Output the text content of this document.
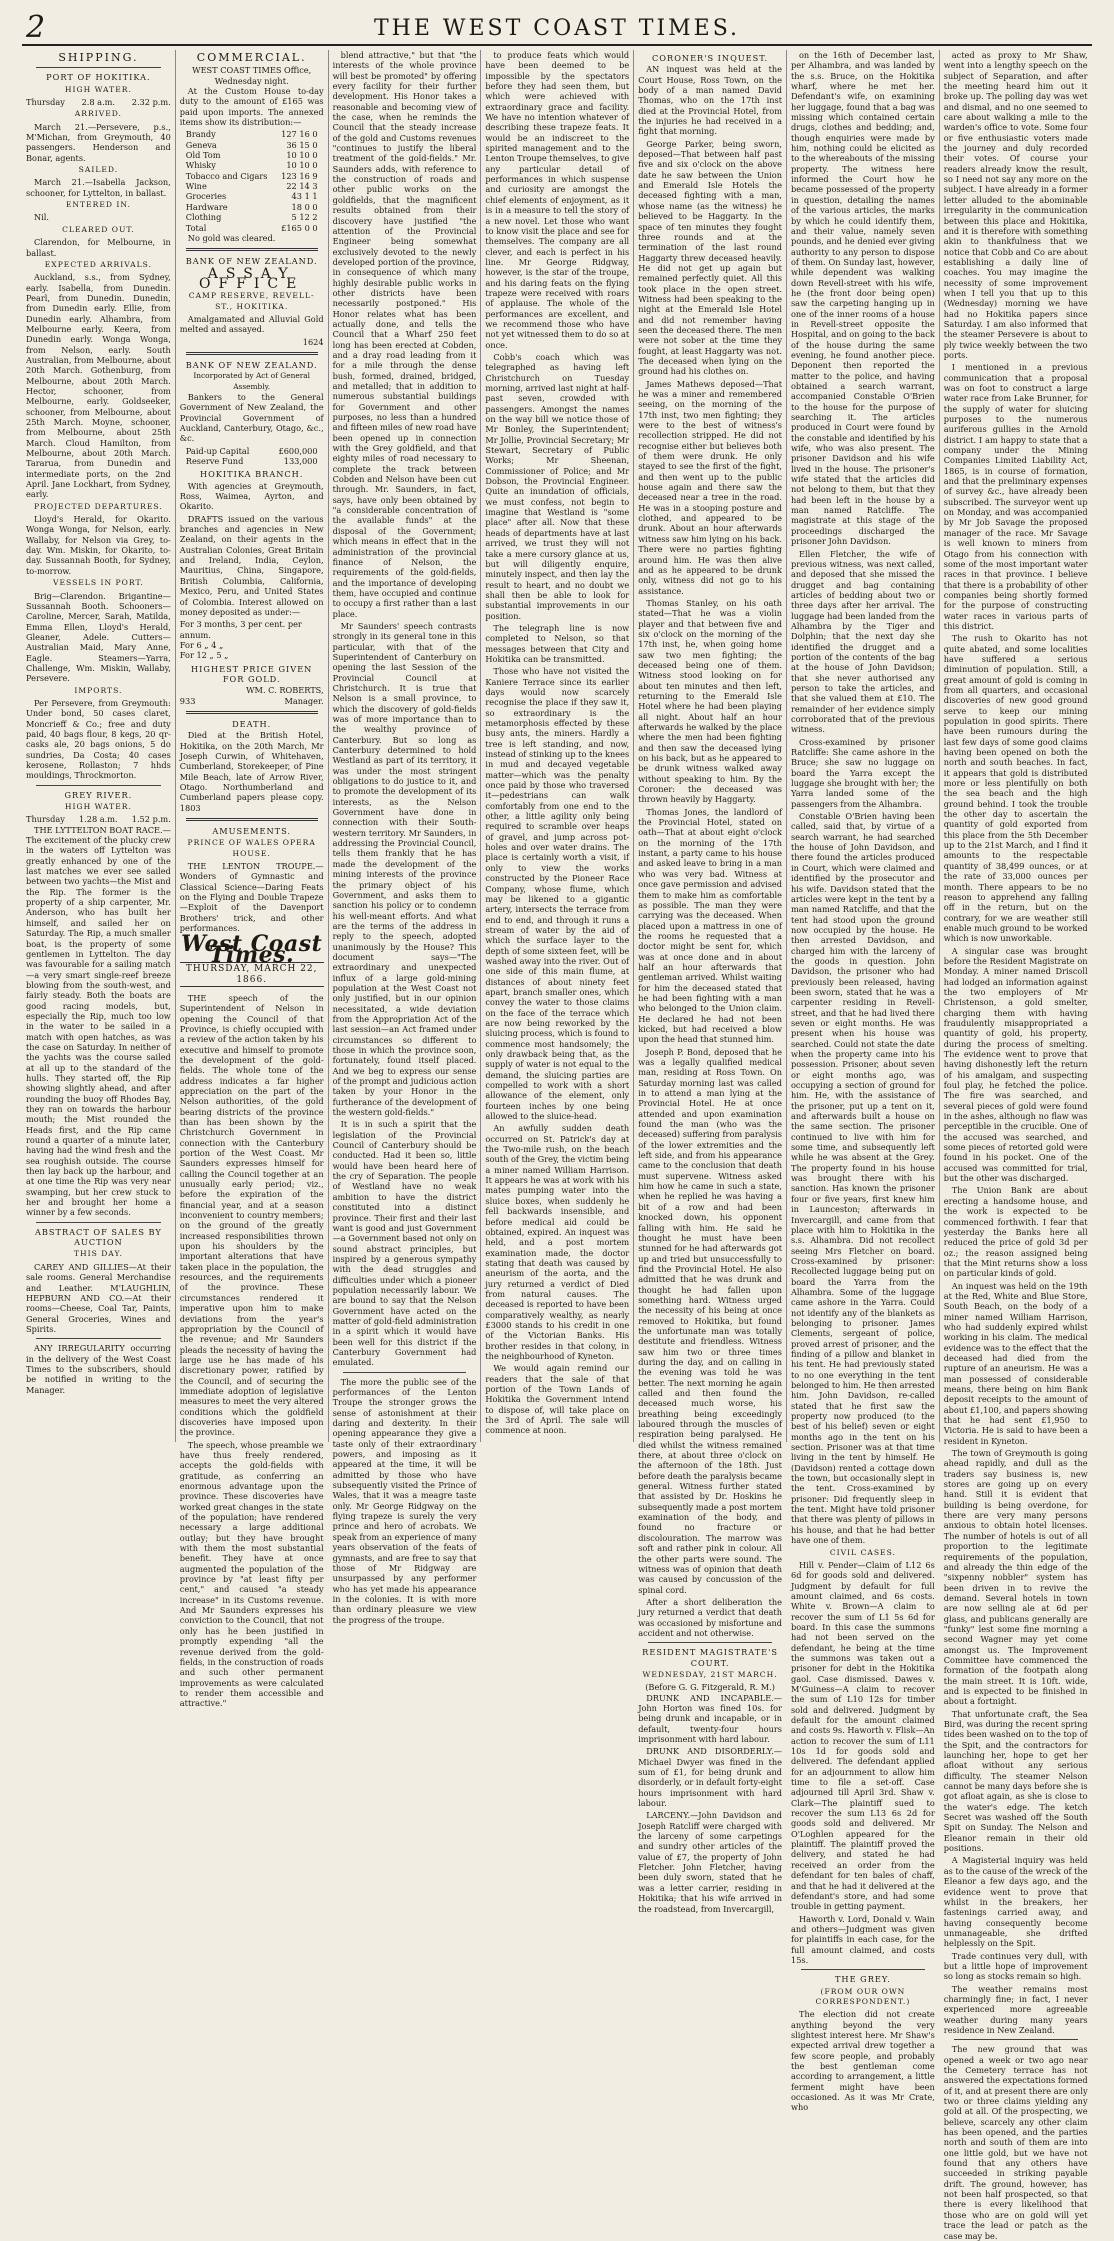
2	THE WEST COAST TIMES.
SHIPPING.
PORT OF HOKITIKA.
HIGH WATER.
Thursday 2.8 a.m. 2.32 p.m.
ARRIVED.

March 21.—Persevere, p.s., M'Michan, from Greymouth, 40 passengers. Henderson and Bonar, agents.

SAILED.

March 21.—Isabella Jackson, schooner, for Lyttelton, in ballast.

ENTERED IN.

Nil.

CLEARED OUT.

Clarendon, for Melbourne, in ballast.

EXPECTED ARRIVALS.

Auckland, s.s., from Sydney, early. Isabella, from Dunedin. Pearl, from Dunedin. Dunedin, from Dunedin early. Ellie, from Dunedin early. Alhambra, from Melbourne early. Keera, from Dunedin early. Wonga Wonga, from Nelson, early. South Australian, from Melbourne, about 20th March. Gothenburg, from Melbourne, about 20th March. Hector, schooner, from Melbourne, early. Goldseeker, schooner, from Melbourne, about 25th March. Moyne, schooner, from Melbourne, about 25th March. Cloud Hamilton, from Melbourne, about 20th March. Tararua, from Dunedin and intermediate ports, on the 2nd April. Jane Lockhart, from Sydney, early.

PROJECTED DEPARTURES.

Lloyd's Herald, for Okarito. Wonga Wonga, for Nelson, early. Wallaby, for Nelson via Grey, to-day. Wm. Miskin, for Okarito, to-day. Sussannah Booth, for Sydney, to-morrow.

VESSELS IN PORT.

Brig—Clarendon. Brigantine—Sussannah Booth. Schooners—Caroline, Mercer, Sarah, Matilda, Emma Ellen, Lloyd's Herald, Gleaner, Adele. Cutters—Australian Maid, Mary Anne, Eagle. Steamers—Yarra, Challenge, Wm. Miskin, Wallaby, Persevere.

IMPORTS.

Per Persevere, from Greymouth: Under bond, 50 cases claret, Moncrieff & Co.; free and duty paid, 40 bags flour, 8 kegs, 20 qr-casks ale, 20 bags onions, 5 do sundries, Da Costa; 40 cases kerosene, Rollaston; 7 hhds mouldings, Throckmorton.

GREY RIVER.
HIGH WATER.
Thursday 1.28 a.m. 1.52 p.m.

THE LYTTELTON BOAT RACE.—The excitement of the plucky crew in the waters off Lyttelton was greatly enhanced by one of the last matches we ever see sailed between two yachts—the Mist and the Rip. The former is the property of a ship carpenter, Mr. Anderson, who has built her himself, and sailed her on Saturday. The Rip, a much smaller boat, is the property of some gentlemen in Lyttelton. The day was favourable for a sailing match—a very smart single-reef breeze blowing from the south-west, and fairly steady. Both the boats are good racing models, but, especially the Rip, much too low in the water to be sailed in a match with open hatches, as was the case on Saturday. In neither of the yachts was the course sailed at all up to the standard of the hulls. They started off, the Rip showing slightly ahead, and after rounding the buoy off Rhodes Bay, they ran on towards the harbour mouth; the Mist rounded the Heads first, and the Rip came round a quarter of a minute later, having had the wind fresh and the sea roughish outside. The course then lay back up the harbour, and at one time the Rip was very near swamping, but her crew stuck to her and brought her home a winner by a few seconds.

ABSTRACT OF SALES BY AUCTION
THIS DAY.

CAREY AND GILLIES—At their sale rooms. General Merchandise and Leather. M'LAUGHLIN, HEPBURN AND CO.—At their rooms—Cheese, Coal Tar, Paints, General Groceries, Wines and Spirits.

ANY IRREGULARITY occurring in the delivery of the West Coast Times to the subscribers, should be notified in writing to the Manager.

COMMERCIAL.
WEST COAST TIMES Office,
Wednesday night.

At the Custom House to-day duty to the amount of £165 was paid upon imports. The annexed items show its distribution:—

Brandy	127 16 0
Geneva	36 15 0
Old Tom	10 10 0
Whisky	10 10 0
Tobacco and Cigars 123 16 9
Wine	22 14 3
Groceries	43 1 1
Hardware	18 0 0
Clothing	5 12 2
Total	£165 0 0

No gold was cleared.

BANK OF NEW ZEALAND.
ASSAY OFFICE
CAMP RESERVE, REVELL-ST., HOKITIKA.

Amalgamated and Alluvial Gold melted and assayed.

1624
BANK OF NEW ZEALAND.
Incorporated by Act of General Assembly.

Bankers to the General Government of New Zealand, the Provincial Government of Auckland, Canterbury, Otago, &c., &c.

Paid-up Capital	£600,000
Reserve Fund	133,000
HOKITIKA BRANCH.

With agencies at Greymouth, Ross, Waimea, Ayrton, and Okarito.

DRAFTS issued on the various branches and agencies in New Zealand, on their agents in the Australian Colonies, Great Britain and Ireland, India, Ceylon, Mauritius, China, Singapore, British Columbia, California, Mexico, Peru, and United States of Colombia. Interest allowed on money deposited as under:—

For 3 months, 3 per cent. per annum.
For 6 „ 4 „
For 12 „ 5 „
HIGHEST PRICE GIVEN FOR GOLD.
WM. C. ROBERTS,
933	Manager.
DEATH.

Died at the British Hotel, Hokitika, on the 20th March, Mr Joseph Curwin, of Whitehaven, Cumberland, Storekeeper, of Pine Mile Beach, late of Arrow River, Otago. Northumberland and Cumberland papers please copy. 1803

AMUSEMENTS.
PRINCE OF WALES OPERA HOUSE.

THE LENTON TROUPE.—Wonders of Gymnastic and Classical Science—Daring Feats on the Flying and Double Trapeze—Exploit of the Davenport Brothers' trick, and other performances.

West Coast Times.
THURSDAY, MARCH 22, 1866.

THE speech of the Superintendent of Nelson in opening the Council of that Province, is chiefly occupied with a review of the action taken by his executive and himself to promote the development of the gold-fields. The whole tone of the address indicates a far higher appreciation on the part of the Nelson authorities, of the gold bearing districts of the province than has been shown by the Christchurch Government in connection with the Canterbury portion of the West Coast. Mr Saunders expresses himself for calling the Council together at an unusually early period; viz., before the expiration of the financial year, and at a season inconvenient to country members; on the ground of the greatly increased responsibilities thrown upon his shoulders by the important alterations that have taken place in the population, the resources, and the requirements of the province. These circumstances rendered it imperative upon him to make deviations from the year's appropriation by the Council of the revenue; and Mr Saunders pleads the necessity of having the large use he has made of his discretionary power, ratified by the Council, and of securing the immediate adoption of legislative measures to meet the very altered conditions which the goldfield discoveries have imposed upon the province.

The speech, whose preamble we have thus freely rendered, accepts the gold-fields with gratitude, as conferring an enormous advantage upon the province. These discoveries have worked great changes in the state of the population; have rendered necessary a large additional outlay; but they have brought with them the most substantial benefit. They have at once augmented the population of the province by "at least fifty per cent," and caused "a steady increase" in its Customs revenue. And Mr Saunders expresses his conviction to the Council, that not only has he been justified in promptly expending "all the revenue derived from the gold-fields, in the construction of roads and such other permanent improvements as were calculated to render them accessible and attractive."

blend attractive," but that "the interests of the whole province will best be promoted" by offering every facility for their further development. His Honor takes a reasonable and becoming view of the case, when he reminds the Council that the steady increase of the gold and Customs revenues "continues to justify the liberal treatment of the gold-fields." Mr. Saunders adds, with reference to the construction of roads and other public works on the goldfields, that the magnificent results obtained from their discovery have justified "the attention of the Provincial Engineer being somewhat exclusively devoted to the newly developed portion of the province, in consequence of which many highly desirable public works in other districts have been necessarily postponed." His Honor relates what has been actually done, and tells the Council that a Wharf 250 feet long has been erected at Cobden, and a dray road leading from it for a mile through the dense bush, formed, drained, bridged, and metalled; that in addition to numerous substantial buildings for Government and other purposes, no less than a hundred and fifteen miles of new road have been opened up in connection with the Grey goldfield, and that eighty miles of road necessary to complete the track between Cobden and Nelson have been cut through. Mr. Saunders, in fact, says, have only been obtained by "a considerable concentration of the available funds" at the disposal of the Government; which means in effect that in the administration of the provincial finance of Nelson, the requirements of the gold-fields, and the importance of developing them, have occupied and continue to occupy a first rather than a last place.

Mr Saunders' speech contrasts strongly in its general tone in this particular, with that of the Superintendent of Canterbury on opening the last Session of the Provincial Council at Christchurch. It is true that Nelson is a small province, to which the discovery of gold-fields was of more importance than to the wealthy province of Canterbury. But so long as Canterbury determined to hold Westland as part of its territory, it was under the most stringent obligations to do justice to it, and to promote the development of its interests, as the Nelson Government have done in connection with their South-western territory. Mr Saunders, in addressing the Provincial Council, tells them frankly that he has made the development of the mining interests of the province the primary object of his Government, and asks them to sanction his policy or to condemn his well-meant efforts. And what are the terms of the address in reply to the speech, adopted unanimously by the House? This document says—"The extraordinary and unexpected influx of a large gold-mining population at the West Coast not only justified, but in our opinion necessitated, a wide deviation from the Appropriation Act of the last session—an Act framed under circumstances so different to those in which the province soon, fortunately, found itself placed. And we beg to express our sense of the prompt and judicious action taken by your Honor in the furtherance of the development of the western gold-fields."

It is in such a spirit that the legislation of the Provincial Council of Canterbury should be conducted. Had it been so, little would have been heard here of the cry of Separation. The people of Westland have no weak ambition to have the district constituted into a distinct province. Their first and their last want is good and just Government—a Government based not only on sound abstract principles, but inspired by a generous sympathy with the dead struggles and difficulties under which a pioneer population necessarily labour. We are bound to say that the Nelson Government have acted on the matter of gold-field administration in a spirit which it would have been well for this district if the Canterbury Government had emulated.

The more the public see of the performances of the Lenton Troupe the stronger grows the sense of astonishment at their daring and dexterity. In their opening appearance they give a taste only of their extraordinary powers, and imposing as it appeared at the time, it will be admitted by those who have subsequently visited the Prince of Wales, that it was a meagre taste only. Mr George Ridgway on the flying trapeze is surely the very prince and hero of acrobats. We speak from an experience of many years observation of the feats of gymnasts, and are free to say that those of Mr Ridgway are unsurpassed by any performer who has yet made his appearance in the colonies. It is with more than ordinary pleasure we view the progress of the troupe.

to produce feats which would have been deemed to be impossible by the spectators before they had seen them, but which were achieved with extraordinary grace and facility. We have no intention whatever of describing these trapeze feats. It would be an indiscreet to the spirited management and to the Lenton Troupe themselves, to give any particular detail of performances in which suspense and curiosity are amongst the chief elements of enjoyment, as it is in a measure to tell the story of a new novel. Let those who want to know visit the place and see for themselves. The company are all clever, and each is perfect in his line. Mr George Ridgway, however, is the star of the troupe, and his daring feats on the flying trapeze were received with roars of applause. The whole of the performances are excellent, and we recommend those who have not yet witnessed them to do so at once.

Cobb's coach which was telegraphed as having left Christchurch on Tuesday morning, arrived last night at half-past seven, crowded with passengers. Amongst the names on the way bill we notice those of Mr Bonley, the Superintendent; Mr Jollie, Provincial Secretary; Mr Stewart, Secretary of Public Works; Mr Sheenan, Commissioner of Police; and Mr Dobson, the Provincial Engineer. Quite an inundation of officials, we must confess, not begin to imagine that Westland is "some place" after all. Now that these heads of departments have at last arrived, we trust they will not take a mere cursory glance at us, but will diligently enquire, minutely inspect, and then lay the result to heart, and no doubt we shall then be able to look for substantial improvements in our position.

The telegraph line is now completed to Nelson, so that messages between that City and Hokitika can be transmitted.

Those who have not visited the Kaniere Terrace since its earlier days would now scarcely recognise the place if they saw it, so extraordinary is the metamorphosis effected by these busy ants, the miners. Hardly a tree is left standing, and now, instead of stinking up to the knees in mud and decayed vegetable matter—which was the penalty once paid by those who traversed it—pedestrians can walk comfortably from one end to the other, a little agility only being required to scramble over heaps of gravel, and jump across pot-holes and over water drains. The place is certainly worth a visit, if only to view the works constructed by the Pioneer Race Company, whose flume, which may be likened to a gigantic artery, intersects the terrace from end to end, and through it runs a stream of water by the aid of which the surface layer to the depth of some sixteen feet, will be washed away into the river. Out of one side of this main flume, at distances of about ninety feet apart, branch smaller ones, which convey the water to those claims on the face of the terrace which are now being reworked by the sluicing process, which is found to commence most handsomely; the only drawback being that, as the supply of water is not equal to the demand, the sluicing parties are compelled to work with a short allowance of the element, only fourteen inches by one being allowed to the sluice-head.

An awfully sudden death occurred on St. Patrick's day at the Two-mile rush, on the beach south of the Grey, the victim being a miner named William Harrison. It appears he was at work with his mates pumping water into the sluice boxes, when suddenly he fell backwards insensible, and before medical aid could be obtained, expired. An inquest was held, and a post mortem examination made, the doctor stating that death was caused by aneurism of the aorta, and the jury returned a verdict of Died from natural causes. The deceased is reported to have been comparatively wealthy, as nearly £3000 stands to his credit in one of the Victorian Banks. His brother resides in that colony, in the neighbourhood of Kyneton.

We would again remind our readers that the sale of that portion of the Town Lands of Hokitika the Government intend to dispose of, will take place on the 3rd of April. The sale will commence at noon.

CORONER'S INQUEST.

AN inquest was held at the Court House, Ross Town, on the body of a man named David Thomas, who on the 17th inst died at the Provincial Hotel, from the injuries he had received in a fight that morning.

George Parker, being sworn, deposed—That between half past five and six o'clock on the above date he saw between the Union and Emerald Isle Hotels the deceased fighting with a man, whose name (as the witness) he believed to be Haggarty. In the space of ten minutes they fought three rounds and at the termination of the last round Haggarty threw deceased heavily. He did not get up again but remained perfectly quiet. All this took place in the open street. Witness had been speaking to the night at the Emerald Isle Hotel and did not remember having seen the deceased there. The men were not sober at the time they fought, at least Haggarty was not. The deceased when lying on the ground had his clothes on.

James Mathews deposed—That he was a miner and remembered seeing, on the morning of the 17th inst, two men fighting; they were to the best of witness's recollection stripped. He did not recognise either but believes both of them were drunk. He only stayed to see the first of the fight, and then went up to the public house again and there saw the deceased near a tree in the road. He was in a stooping posture and clothed, and appeared to be drunk. About an hour afterwards witness saw him lying on his back. There were no parties fighting around him. He was then alive and as he appeared to be drunk only, witness did not go to his assistance.

Thomas Stanley, on his oath stated—That he was a violin player and that between five and six o'clock on the morning of the 17th inst, he, when going home saw two men fighting; the deceased being one of them. Witness stood looking on for about ten minutes and then left, returning to the Emerald Isle Hotel where he had been playing all night. About half an hour afterwards he walked by the place where the men had been fighting and then saw the deceased lying on his back, but as he appeared to be drunk witness walked away without speaking to him. By the Coroner: the deceased was thrown heavily by Haggarty.

Thomas Jones, the landlord of the Provincial Hotel, stated on oath—That at about eight o'clock on the morning of the 17th instant, a party came to his house and asked leave to bring in a man who was very bad. Witness at once gave permission and advised them to make him as comfortable as possible. The man they were carrying was the deceased. When placed upon a mattress in one of the rooms he requested that a doctor might be sent for, which was at once done and in about half an hour afterwards that gentleman arrived. Whilst waiting for him the deceased stated that he had been fighting with a man who belonged to the Union claim. He declared he had not been kicked, but had received a blow upon the head that stunned him.

Joseph P. Bond, deposed that he was a legally qualified medical man, residing at Ross Town. On Saturday morning last was called in to attend a man lying at the Provincial Hotel. He at once attended and upon examination found the man (who was the deceased) suffering from paralysis of the lower extremities and the left side, and from his appearance came to the conclusion that death must supervene. Witness asked him how he came in such a state, when he replied he was having a bit of a row and had been knocked down, his opponent falling with him. He said he thought he must have been stunned for he had afterwards got up and tried but unsuccessfully to find the Provincial Hotel. He also admitted that he was drunk and thought he had fallen upon something hard. Witness urged the necessity of his being at once removed to Hokitika, but found the unfortunate man was totally destitute and friendless. Witness saw him two or three times during the day, and on calling in the evening was told he was better. The next morning he again called and then found the deceased much worse, his breathing being exceedingly laboured through the muscles of respiration being paralysed. He died whilst the witness remained there, at about three o'clock on the afternoon of the 18th. Just before death the paralysis became general. Witness further stated that assisted by Dr. Hoskins he subsequently made a post mortem examination of the body, and found no fracture or discolouration. The marrow was soft and rather pink in colour. All the other parts were sound. The witness was of opinion that death was caused by concussion of the spinal cord.

After a short deliberation the jury returned a verdict that death was occasioned by misfortune and accident and not otherwise.

RESIDENT MAGISTRATE'S COURT.
WEDNESDAY, 21ST MARCH.
(Before G. G. Fitzgerald, R. M.)

DRUNK AND INCAPABLE.—John Horton was fined 10s. for being drunk and incapable, or in default, twenty-four hours imprisonment with hard labour.

DRUNK AND DISORDERLY.—Michael Dwyer was fined in the sum of £1, for being drunk and disorderly, or in default forty-eight hours imprisonment with hard labour.

LARCENY.—John Davidson and Joseph Ratcliff were charged with the larceny of some carpetings and sundry other articles of the value of £7, the property of John Fletcher. John Fletcher, having been duly sworn, stated that he was a letter carrier, residing in Hokitika; that his wife arrived in the roadstead, from Invercargill,

on the 16th of December last, per Alhambra, and was landed by the s.s. Bruce, on the Hokitika wharf, where he met her. Defendant's wife, on examining her luggage, found that a bag was missing which contained certain drugs, clothes and bedding; and, though enquiries were made by him, nothing could be elicited as to the whereabouts of the missing property. The witness here informed the Court how he became possessed of the property in question, detailing the names of the various articles, the marks by which he could identify them, and their value, namely seven pounds, and he denied ever giving authority to any person to dispose of them. On Sunday last, however, while dependent was walking down Revell-street with his wife, he (the front door being open) saw the carpeting hanging up in one of the inner rooms of a house in Revell-street opposite the Hospital, and on going to the back of the house during the same evening, he found another piece. Deponent then reported the matter to the police, and having obtained a search warrant, accompanied Constable O'Brien to the house for the purpose of searching it. The articles produced in Court were found by the constable and identified by his wife, who was also present. The prisoner Davidson and his wife lived in the house. The prisoner's wife stated that the articles did not belong to them, but that they had been left in the house by a man named Ratcliffe. The magistrate at this stage of the proceedings discharged the prisoner John Davidson.

Ellen Fletcher, the wife of previous witness, was next called, and deposed that she missed the drugget and bag containing articles of bedding about two or three days after her arrival. The luggage had been landed from the Alhambra by the Tiger and Dolphin; that the next day she identified the drugget and a portion of the contents of the bag at the house of John Davidson; that she never authorised any person to take the articles, and that she valued them at £10. The remainder of her evidence simply corroborated that of the previous witness.

Cross-examined by prisoner Ratcliffe: She came ashore in the Bruce; she saw no luggage on board the Yarra except the luggage she brought with her; the Yarra landed some of the passengers from the Alhambra.

Constable O'Brien having been called, said that, by virtue of a search warrant, he had searched the house of John Davidson, and there found the articles produced in Court, which were claimed and identified by the prosecutor and his wife. Davidson stated that the articles were kept in the tent by a man named Ratcliffe, and that the tent had stood upon the ground now occupied by the house. He then arrested Davidson, and charged him with the larceny of the goods in question. John Davidson, the prisoner who had previously been released, having been sworn, stated that he was a carpenter residing in Revell-street, and that he had lived there seven or eight months. He was present when his house was searched. Could not state the date when the property came into his possession. Prisoner, about seven or eight months ago, was occupying a section of ground for him. He, with the assistance of the prisoner, put up a tent on it, and afterwards built a house on the same section. The prisoner continued to live with him for some time, and subsequently left while he was absent at the Grey. The property found in his house was brought there with his sanction. Has known the prisoner four or five years, first knew him in Launceston; afterwards in Invercargill, and came from that place with him to Hokitika in the s.s. Alhambra. Did not recollect seeing Mrs Fletcher on board. Cross-examined by prisoner: Recollected luggage being put on board the Yarra from the Alhambra. Some of the luggage came ashore in the Yarra. Could not identify any of the blankets as belonging to prisoner. James Clements, sergeant of police, proved arrest of prisoner, and the finding of a pillow and blanket in his tent. He had previously stated to no one everything in the tent belonged to him. He then arrested him. John Davidson, re-called stated that he first saw the property now produced (to the best of his belief) seven or eight months ago in the tent on his section. Prisoner was at that time living in the tent by himself. He (Davidson) rented a cottage down the town, but occasionally slept in the tent. Cross-examined by prisoner: Did frequently sleep in the tent. Might have told prisoner that there was plenty of pillows in his house, and that he had better have one of them.

CIVIL CASES.

Hill v. Pender—Claim of L12 6s 6d for goods sold and delivered. Judgment by default for full amount claimed, and 6s costs. White v. Brown—A claim to recover the sum of L1 5s 6d for board. In this case the summons had not been served on the defendant, he being at the time the summons was taken out a prisoner for debt in the Hokitika gaol. Case dismissed. Dawes v. M'Guiness—A claim to recover the sum of L10 12s for timber sold and delivered. Judgment by default for the amount claimed and costs 9s. Haworth v. Flisk—An action to recover the sum of L11 10s 1d for goods sold and delivered. The defendant applied for an adjournment to allow him time to file a set-off. Case adjourned till April 3rd. Shaw v. Clark—The plaintiff sued to recover the sum L13 6s 2d for goods sold and delivered. Mr O'Loghlen appeared for the plaintiff. The plaintiff proved the delivery, and stated he had received an order from the defendant for ten bales of chaff, and that he had it delivered at the defendant's store, and had some trouble in getting payment.

Haworth v. Lord, Donald v. Wain and others—Judgment was given for plaintiffs in each case, for the full amount claimed, and costs 15s.

THE GREY.
(FROM OUR OWN CORRESPONDENT.)

The election did not create anything beyond the very slightest interest here. Mr Shaw's expected arrival drew together a few score people, and probably the best gentleman come according to arrangement, a little ferment might have been occasioned. As it was Mr Crate, who

acted as proxy to Mr Shaw, went into a lengthy speech on the subject of Separation, and after the meeting heard him out it broke up. The polling day was wet and dismal, and no one seemed to care about walking a mile to the warden's office to vote. Some four or five enthusiastic voters made the journey and duly recorded their votes. Of course your readers already know the result, so I need not say any more on the subject. I have already in a former letter alluded to the abominable irregularity in the communication between this place and Hokitika, and it is therefore with something akin to thankfulness that we notice that Cobb and Co are about establishing a daily line of coaches. You may imagine the necessity of some improvement when I tell you that up to this (Wednesday) morning we have had no Hokitika papers since Saturday. I am also informed that the steamer Persevere is about to ply twice weekly between the two ports.

I mentioned in a previous communication that a proposal was on foot to construct a large water race from Lake Brunner, for the supply of water for sluicing purposes to the numerous auriferous gullies in the Arnold district. I am happy to state that a company under the Mining Companies Limited Liability Act, 1865, is in course of formation, and that the preliminary expenses of survey &c., have already been subscribed. The surveyor went up on Monday, and was accompanied by Mr Job Savage the proposed manager of the race. Mr Savage is well known to miners from Otago from his connection with some of the most important water races in that province. I believe that there is a probability of other companies being shortly formed for the purpose of constructing water races in various parts of this district.

The rush to Okarito has not quite abated, and some localities have suffered a serious diminution of population. Still, a great amount of gold is coming in from all quarters, and occasional discoveries of new good ground serve to keep our mining population in good spirits. There have been rumours during the last few days of some good claims having been opened on both the north and south beaches. In fact, it appears that gold is distributed more or less plentifully on both the sea beach and the high ground behind. I took the trouble the other day to ascertain the quantity of gold exported from this place from the 5th December up to the 21st March, and I find it amounts to the respectable quantity of 38,499 ounces, or at the rate of 33,000 ounces per month. There appears to be no reason to apprehend any falling off in the return, but on the contrary, for we are weather still enable much ground to be worked which is now unworkable.

A singular case was brought before the Resident Magistrate on Monday. A miner named Driscoll had lodged an information against the two employers of Mr Christenson, a gold smelter, charging them with having fraudulently misappropriated a quantity of gold, his property, during the process of smelting. The evidence went to prove that having dishonestly left the return of his amalgam, and suspecting foul play, he fetched the police. The fire was searched, and several pieces of gold were found in the ashes, although no flaw was perceptible in the crucible. One of the accused was searched, and some pieces of retorted gold were found in his pocket. One of the accused was committed for trial, but the other was discharged.

The Union Bank are about erecting a handsome house, and the work is expected to be commenced forthwith. I fear that yesterday the Banks here all reduced the price of gold 3d per oz.; the reason assigned being that the Mint returns show a loss on particular kinds of gold.

An inquest was held on the 19th at the Red, White and Blue Store, South Beach, on the body of a miner named William Harrison, who had suddenly expired whilst working in his claim. The medical evidence was to the effect that the deceased had died from the rupture of an aneurism. He was a man possessed of considerable means, there being on him Bank deposit receipts to the amount of about £1,100, and papers showing that he had sent £1,950 to Victoria. He is said to have been a resident in Kyneton.

The town of Greymouth is going ahead rapidly, and dull as the traders say business is, new stores are going up on every hand. Still it is evident that building is being overdone, for there are very many persons anxious to obtain hotel licenses. The number of hotels is out of all proportion to the legitimate requirements of the population, and already the thin edge of the "sixpenny nobbler" system has been driven in to revive the demand. Several hotels in town are now selling ale at 6d per glass, and publicans generally are "funky" lest some fine morning a second Wagner may yet come amongst us. The Improvement Committee have commenced the formation of the footpath along the main street. It is 10ft. wide, and is expected to be finished in about a fortnight.

That unfortunate craft, the Sea Bird, was during the recent spring tides been washed on to the top of the Spit, and the contractors for launching her, hope to get her afloat without any serious difficulty. The steamer Nelson cannot be many days before she is got afloat again, as she is close to the water's edge. The ketch Secret was washed off the South Spit on Sunday. The Nelson and Eleanor remain in their old positions.

A Magisterial inquiry was held as to the cause of the wreck of the Eleanor a few days ago, and the evidence went to prove that whilst in the breakers, her fastenings carried away, and having consequently become unmanageable, she drifted helplessly on the Spit.

Trade continues very dull, with but a little hope of improvement so long as stocks remain so high.

The weather remains most charmingly fine; in fact, I never experienced more agreeable weather during many years residence in New Zealand.

The new ground that was opened a week or two ago near the Cemetery terrace has not answered the expectations formed of it, and at present there are only two or three claims yielding any gold at all. Of the prospecting, we believe, scarcely any other claim has been opened, and the parties north and south of them are into one little gold, but we have not found that any others have succeeded in striking payable drift. The ground, however, has not been half prospected, so that there is every likelihood that those who are on gold will yet trace the lead or patch as the case may be.
